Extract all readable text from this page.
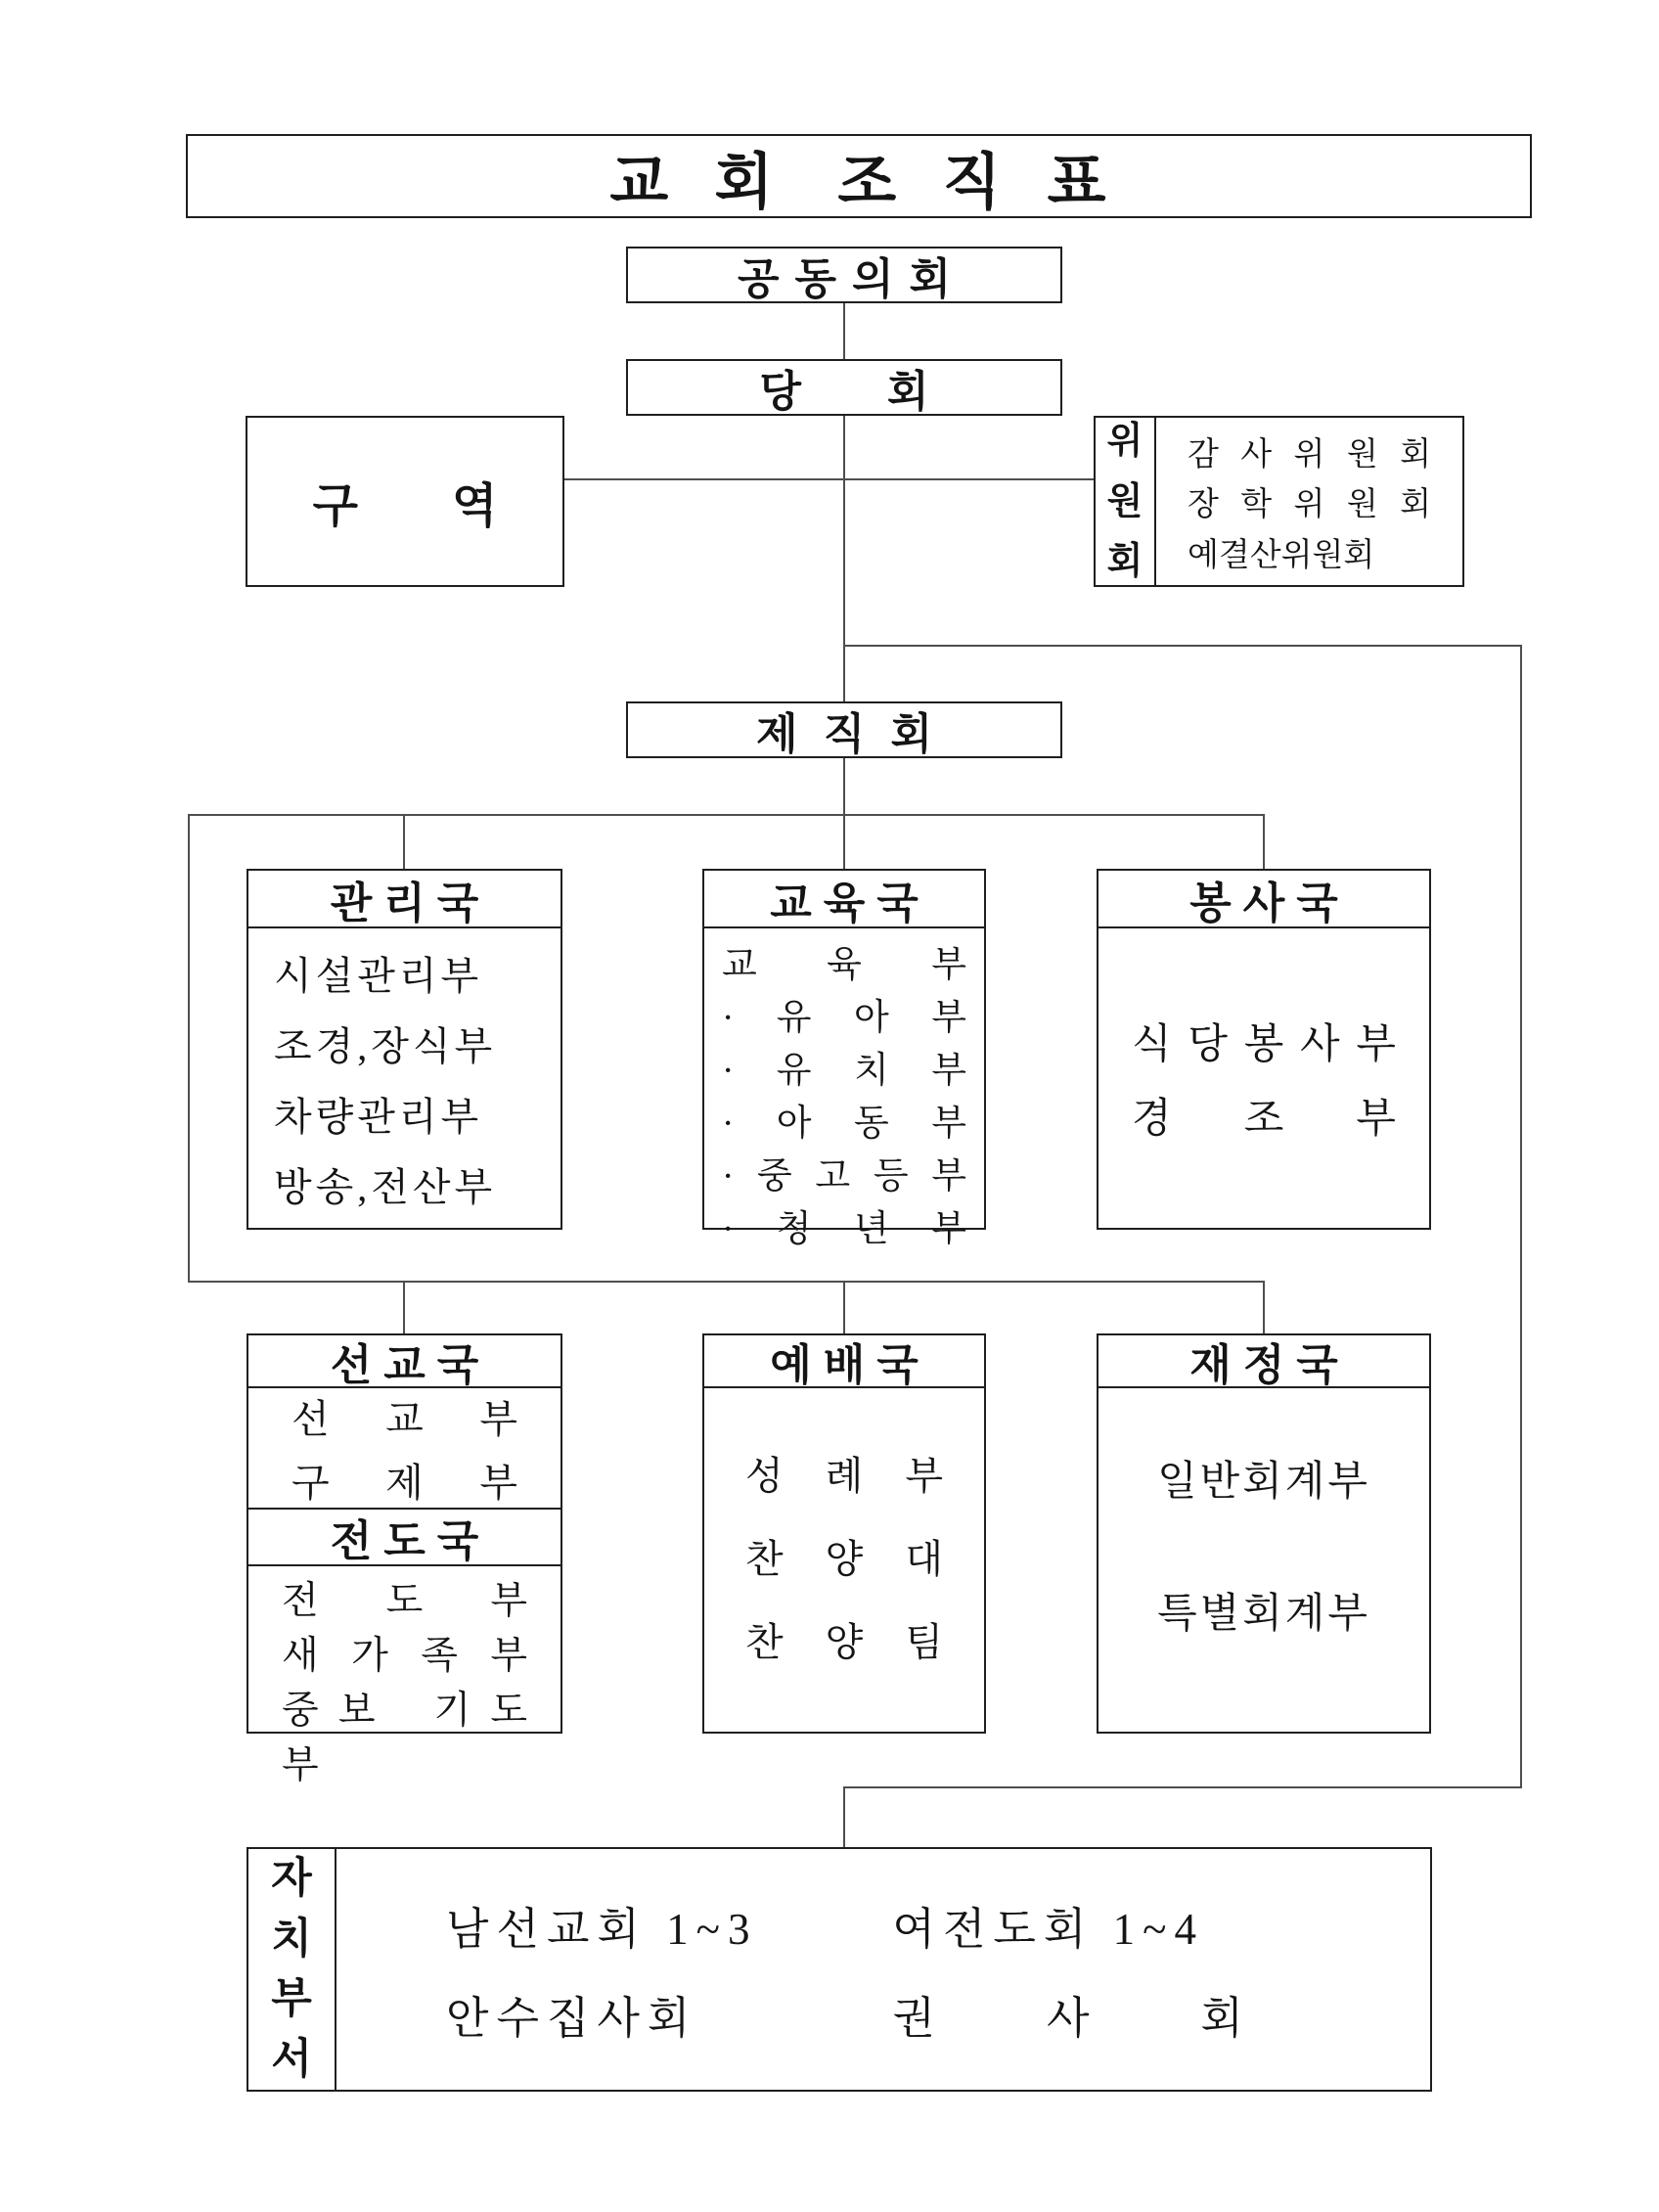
교 회　조 직 표
공동의회
당　　회
구　　역
위
원
회
감 사 위 원 회
장 학 위 원 회
예결산위원회
제 직 회
관리국
시설관리부
조경,장식부
차량관리부
방송,전산부
교육국
교 육 부
· 유 아 부
· 유 치 부
· 아 동 부
· 중 고 등 부
· 청 년 부
봉사국
식 당 봉 사 부
경 조 부
선교국
선 교 부
구 제 부
전도국
전 도 부
새 가 족 부
중 보　기 도 부
예배국
성 례 부
찬 양 대
찬 양 팀
재정국
일반회계부
특별회계부
자
치
부
서
남선교회 1~3
안수집사회
여전도회 1~4
권　　사　　회
